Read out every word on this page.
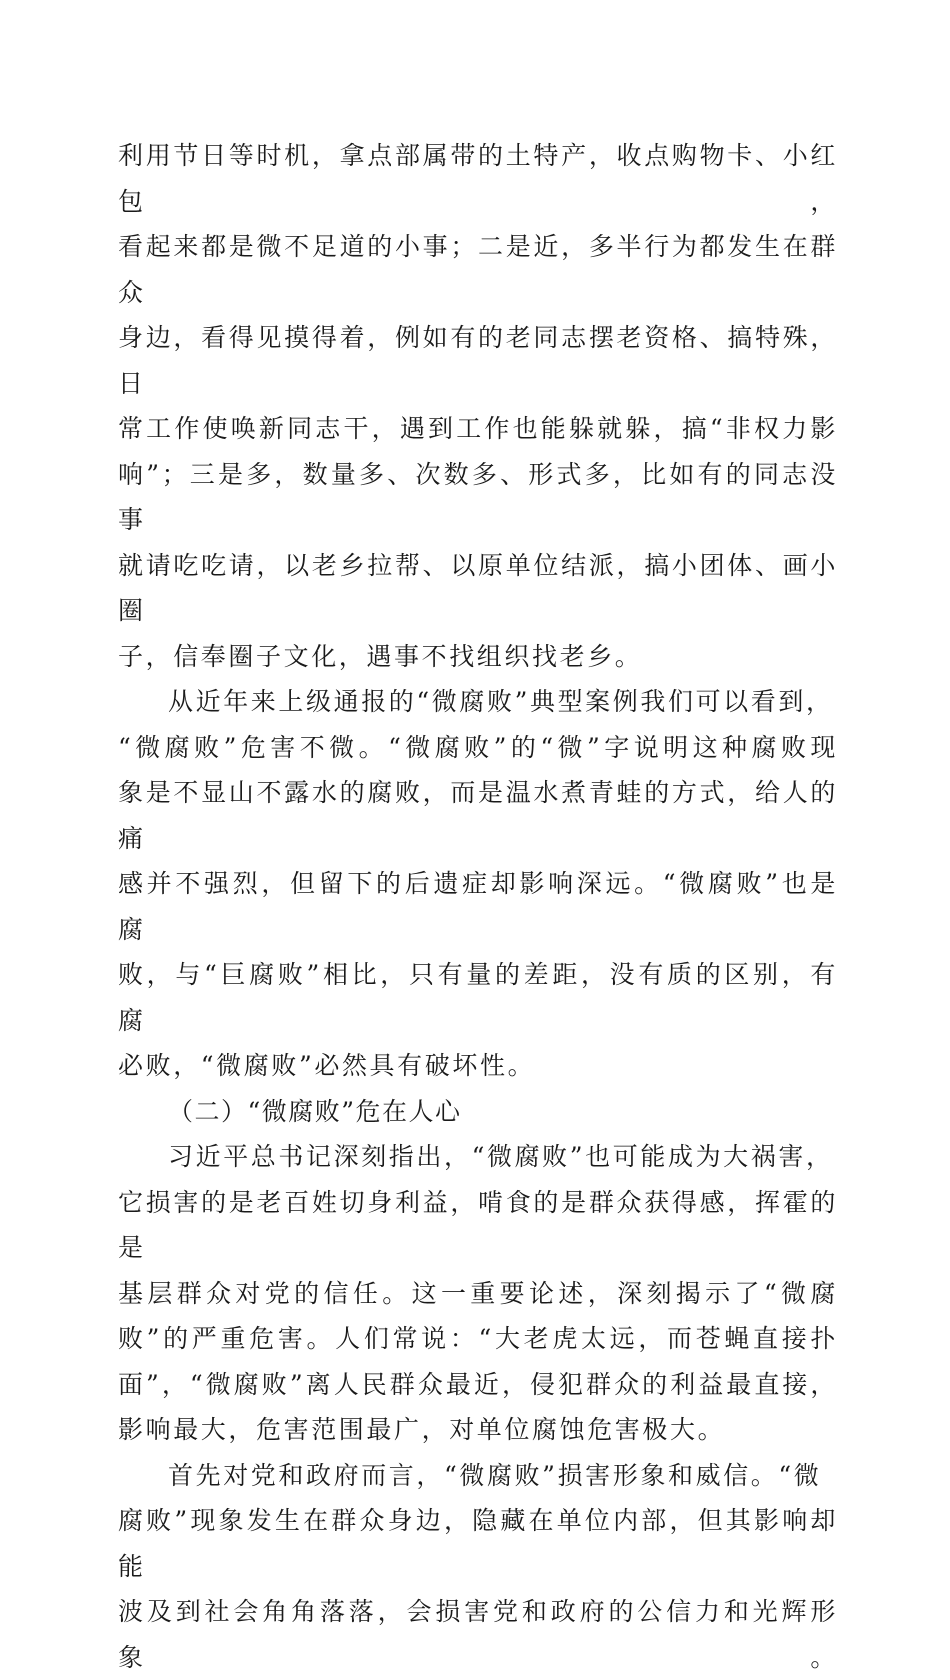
利用节日等时机，拿点部属带的土特产，收点购物卡、小红包，
看起来都是微不足道的小事；二是近，多半行为都发生在群众
身边，看得见摸得着，例如有的老同志摆老资格、搞特殊，日
常工作使唤新同志干，遇到工作也能躲就躲，搞“非权力影
响”；三是多，数量多、次数多、形式多，比如有的同志没事
就请吃吃请，以老乡拉帮、以原单位结派，搞小团体、画小圈
子，信奉圈子文化，遇事不找组织找老乡。
从近年来上级通报的“微腐败”典型案例我们可以看到，
“微腐败”危害不微。“微腐败”的“微”字说明这种腐败现
象是不显山不露水的腐败，而是温水煮青蛙的方式，给人的痛
感并不强烈，但留下的后遗症却影响深远。“微腐败”也是腐
败，与“巨腐败”相比，只有量的差距，没有质的区别，有腐
必败，“微腐败”必然具有破坏性。
（二）“微腐败”危在人心
习近平总书记深刻指出，“微腐败”也可能成为大祸害，
它损害的是老百姓切身利益，啃食的是群众获得感，挥霍的是
基层群众对党的信任。这一重要论述，深刻揭示了“微腐
败”的严重危害。人们常说：“大老虎太远，而苍蝇直接扑
面”，“微腐败”离人民群众最近，侵犯群众的利益最直接，
影响最大，危害范围最广，对单位腐蚀危害极大。
首先对党和政府而言，“微腐败”损害形象和威信。“微
腐败”现象发生在群众身边，隐藏在单位内部，但其影响却能
波及到社会角角落落，会损害党和政府的公信力和光辉形象。
